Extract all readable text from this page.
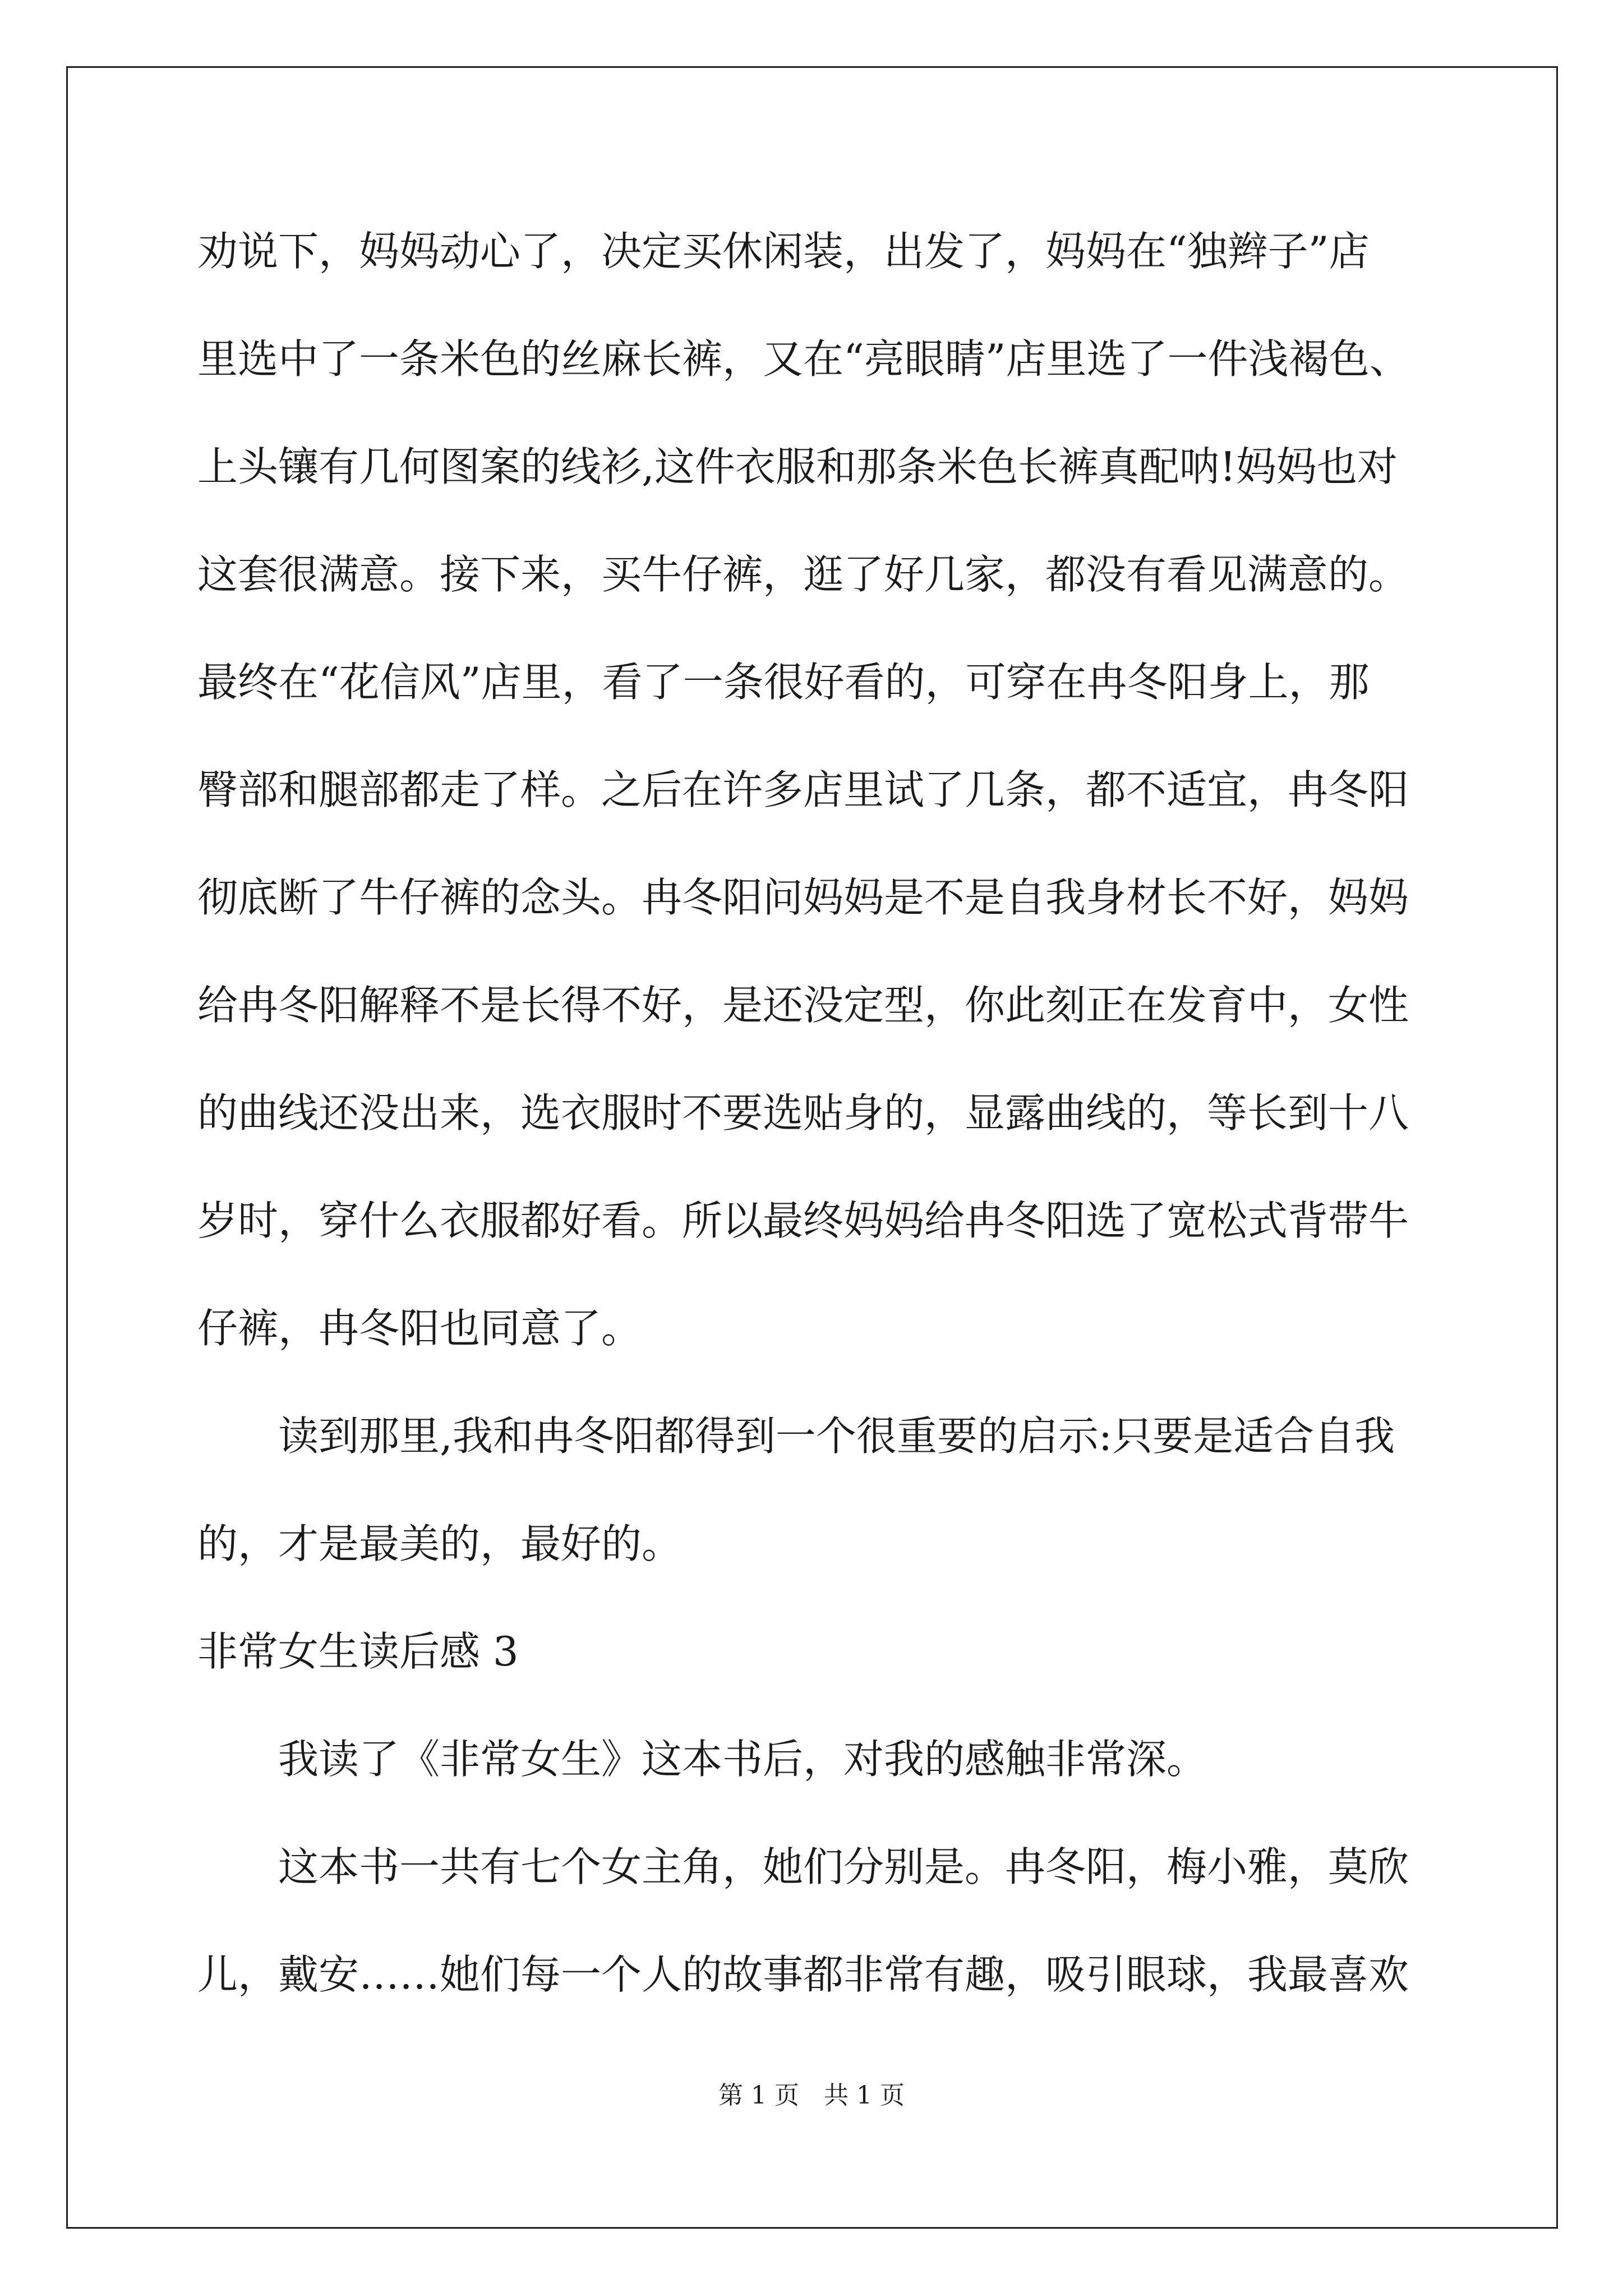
劝说下，妈妈动心了，决定买休闲装，出发了，妈妈在“独辫子”店
里选中了一条米色的丝麻长裤，又在“亮眼睛”店里选了一件浅褐色、
上头镶有几何图案的线衫,这件衣服和那条米色长裤真配呐!妈妈也对
这套很满意。接下来，买牛仔裤，逛了好几家，都没有看见满意的。
最终在“花信风”店里，看了一条很好看的，可穿在冉冬阳身上，那
臀部和腿部都走了样。之后在许多店里试了几条，都不适宜，冉冬阳
彻底断了牛仔裤的念头。冉冬阳问妈妈是不是自我身材长不好，妈妈
给冉冬阳解释不是长得不好，是还没定型，你此刻正在发育中，女性
的曲线还没出来，选衣服时不要选贴身的，显露曲线的，等长到十八
岁时，穿什么衣服都好看。所以最终妈妈给冉冬阳选了宽松式背带牛
仔裤，冉冬阳也同意了。
读到那里,我和冉冬阳都得到一个很重要的启示:只要是适合自我
的，才是最美的，最好的。
非常女生读后感 3
我读了《非常女生》这本书后，对我的感触非常深。
这本书一共有七个女主角，她们分别是。冉冬阳，梅小雅，莫欣
儿，戴安……她们每一个人的故事都非常有趣，吸引眼球，我最喜欢
第 1 页　共 1 页
